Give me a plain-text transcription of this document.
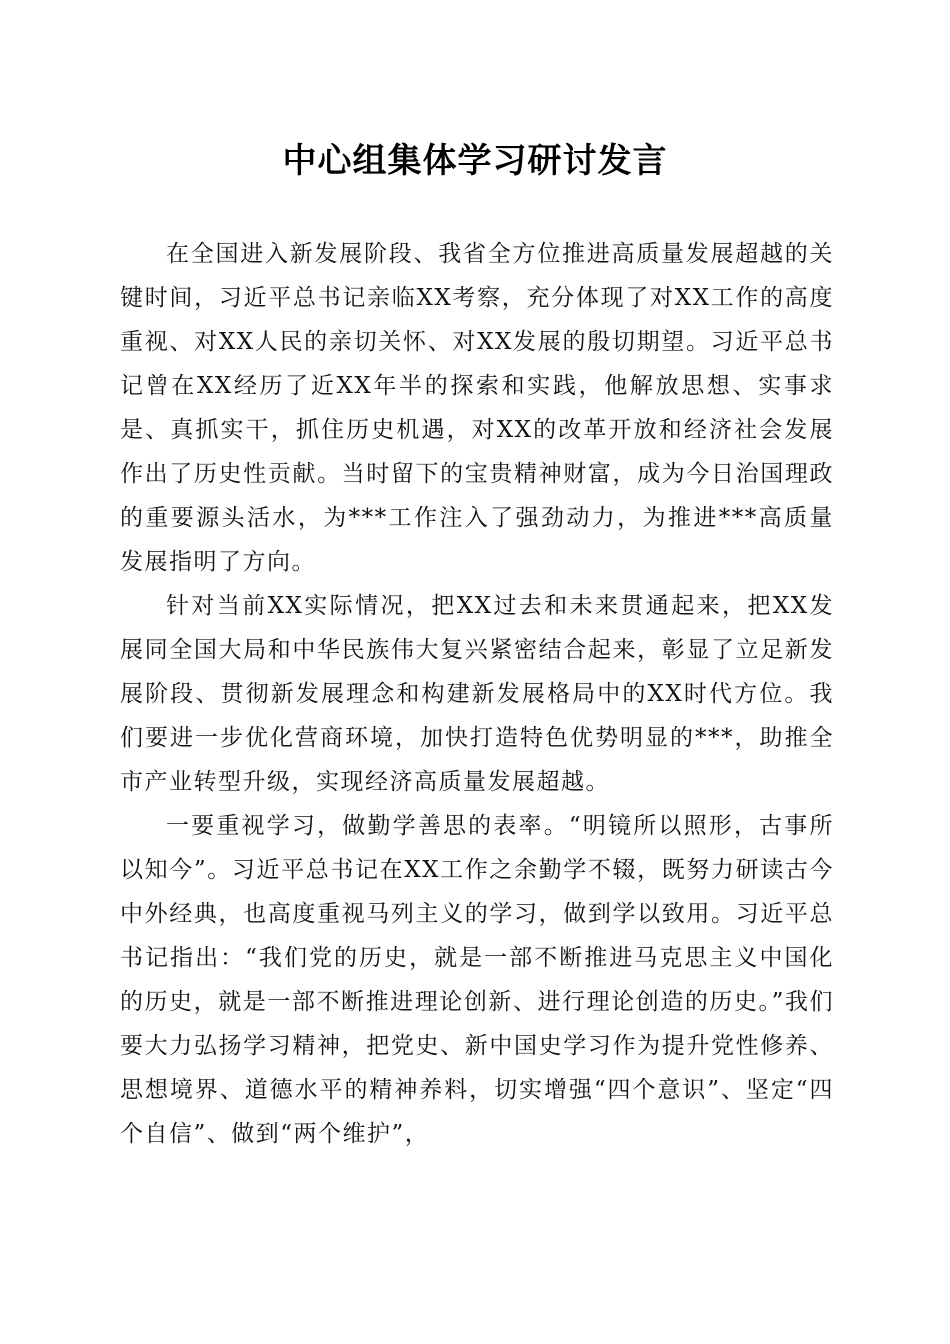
中心组集体学习研讨发言

在全国进入新发展阶段、我省全方位推进高质量发展超越的关键时间，习近平总书记亲临XX考察，充分体现了对XX工作的高度重视、对XX人民的亲切关怀、对XX发展的殷切期望。习近平总书记曾在XX经历了近XX年半的探索和实践，他解放思想、实事求是、真抓实干，抓住历史机遇，对XX的改革开放和经济社会发展作出了历史性贡献。当时留下的宝贵精神财富，成为今日治国理政的重要源头活水，为***工作注入了强劲动力，为推进***高质量发展指明了方向。

针对当前XX实际情况，把XX过去和未来贯通起来，把XX发展同全国大局和中华民族伟大复兴紧密结合起来，彰显了立足新发展阶段、贯彻新发展理念和构建新发展格局中的XX时代方位。我们要进一步优化营商环境，加快打造特色优势明显的***，助推全市产业转型升级，实现经济高质量发展超越。

一要重视学习，做勤学善思的表率。“明镜所以照形，古事所以知今”。习近平总书记在XX工作之余勤学不辍，既努力研读古今中外经典，也高度重视马列主义的学习，做到学以致用。习近平总书记指出：“我们党的历史，就是一部不断推进马克思主义中国化的历史，就是一部不断推进理论创新、进行理论创造的历史。”我们要大力弘扬学习精神，把党史、新中国史学习作为提升党性修养、思想境界、道德水平的精神养料，切实增强“四个意识”、坚定“四个自信”、做到“两个维护”，
